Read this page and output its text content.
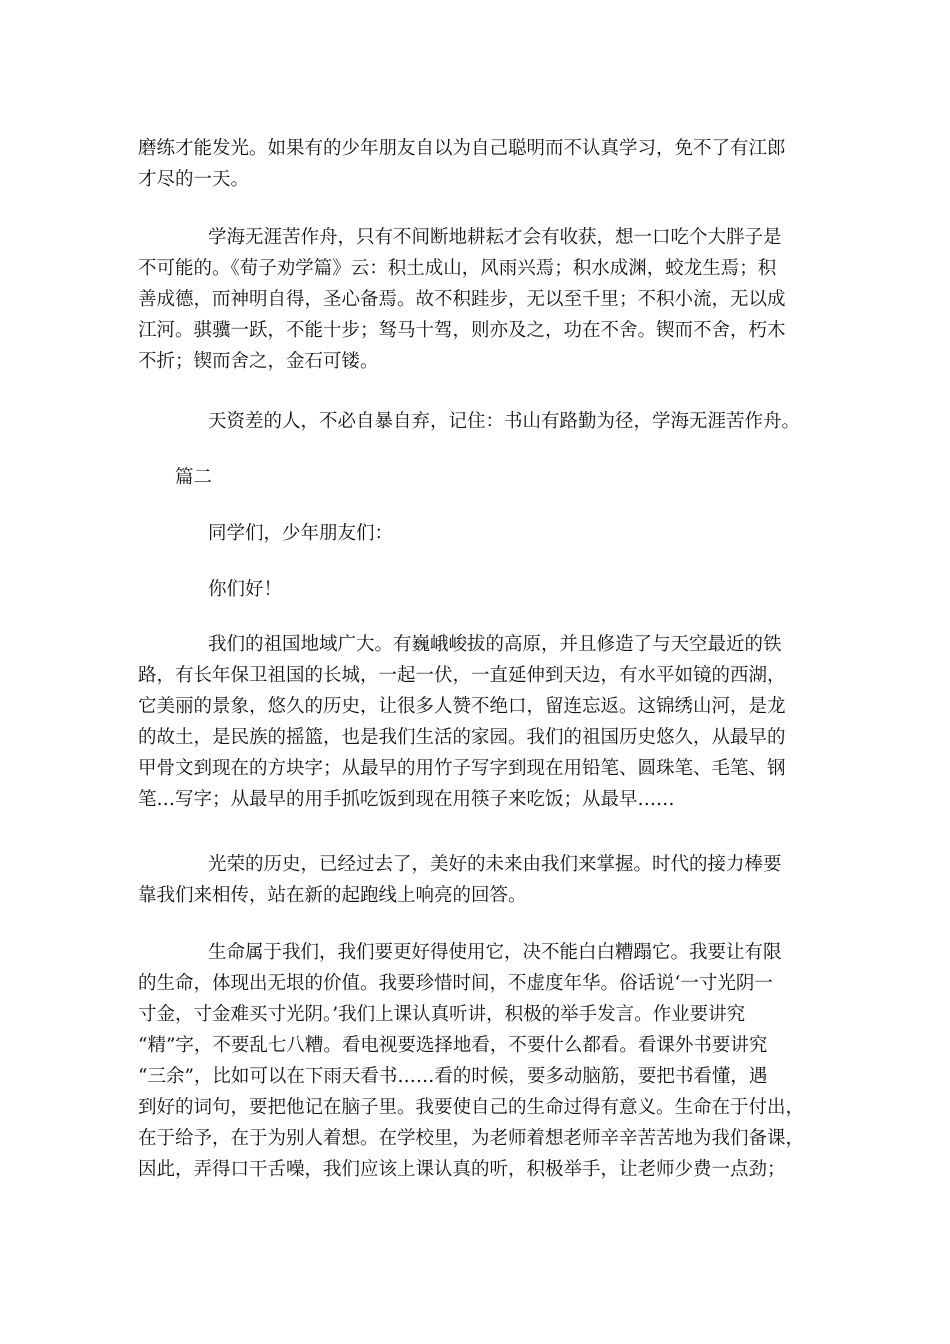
磨练才能发光。如果有的少年朋友自以为自己聪明而不认真学习，免不了有江郎
才尽的一天。

学海无涯苦作舟，只有不间断地耕耘才会有收获，想一口吃个大胖子是
不可能的。《荀子劝学篇》云：积土成山，风雨兴焉；积水成渊，蛟龙生焉；积
善成德，而神明自得，圣心备焉。故不积跬步，无以至千里；不积小流，无以成
江河。骐骥一跃，不能十步；驽马十驾，则亦及之，功在不舍。锲而不舍，朽木
不折；锲而舍之，金石可镂。

天资差的人，不必自暴自弃，记住：书山有路勤为径，学海无涯苦作舟。

篇二

同学们，少年朋友们：

你们好！

我们的祖国地域广大。有巍峨峻拔的高原，并且修造了与天空最近的铁
路，有长年保卫祖国的长城，一起一伏，一直延伸到天边，有水平如镜的西湖，
它美丽的景象，悠久的历史，让很多人赞不绝口，留连忘返。这锦绣山河，是龙
的故土，是民族的摇篮，也是我们生活的家园。我们的祖国历史悠久，从最早的
甲骨文到现在的方块字；从最早的用竹子写字到现在用铅笔、圆珠笔、毛笔、钢
笔…写字；从最早的用手抓吃饭到现在用筷子来吃饭；从最早……

光荣的历史，已经过去了，美好的未来由我们来掌握。时代的接力棒要
靠我们来相传，站在新的起跑线上响亮的回答。

生命属于我们，我们要更好得使用它，决不能白白糟蹋它。我要让有限
的生命，体现出无垠的价值。我要珍惜时间，不虚度年华。俗话说‘一寸光阴一
寸金，寸金难买寸光阴。’我们上课认真听讲，积极的举手发言。作业要讲究
“精”字，不要乱七八糟。看电视要选择地看，不要什么都看。看课外书要讲究
“三余”，比如可以在下雨天看书……看的时候，要多动脑筋，要把书看懂，遇
到好的词句，要把他记在脑子里。我要使自己的生命过得有意义。生命在于付出，
在于给予，在于为别人着想。在学校里，为老师着想老师辛辛苦苦地为我们备课，
因此，弄得口干舌噪，我们应该上课认真的听，积极举手，让老师少费一点劲；
